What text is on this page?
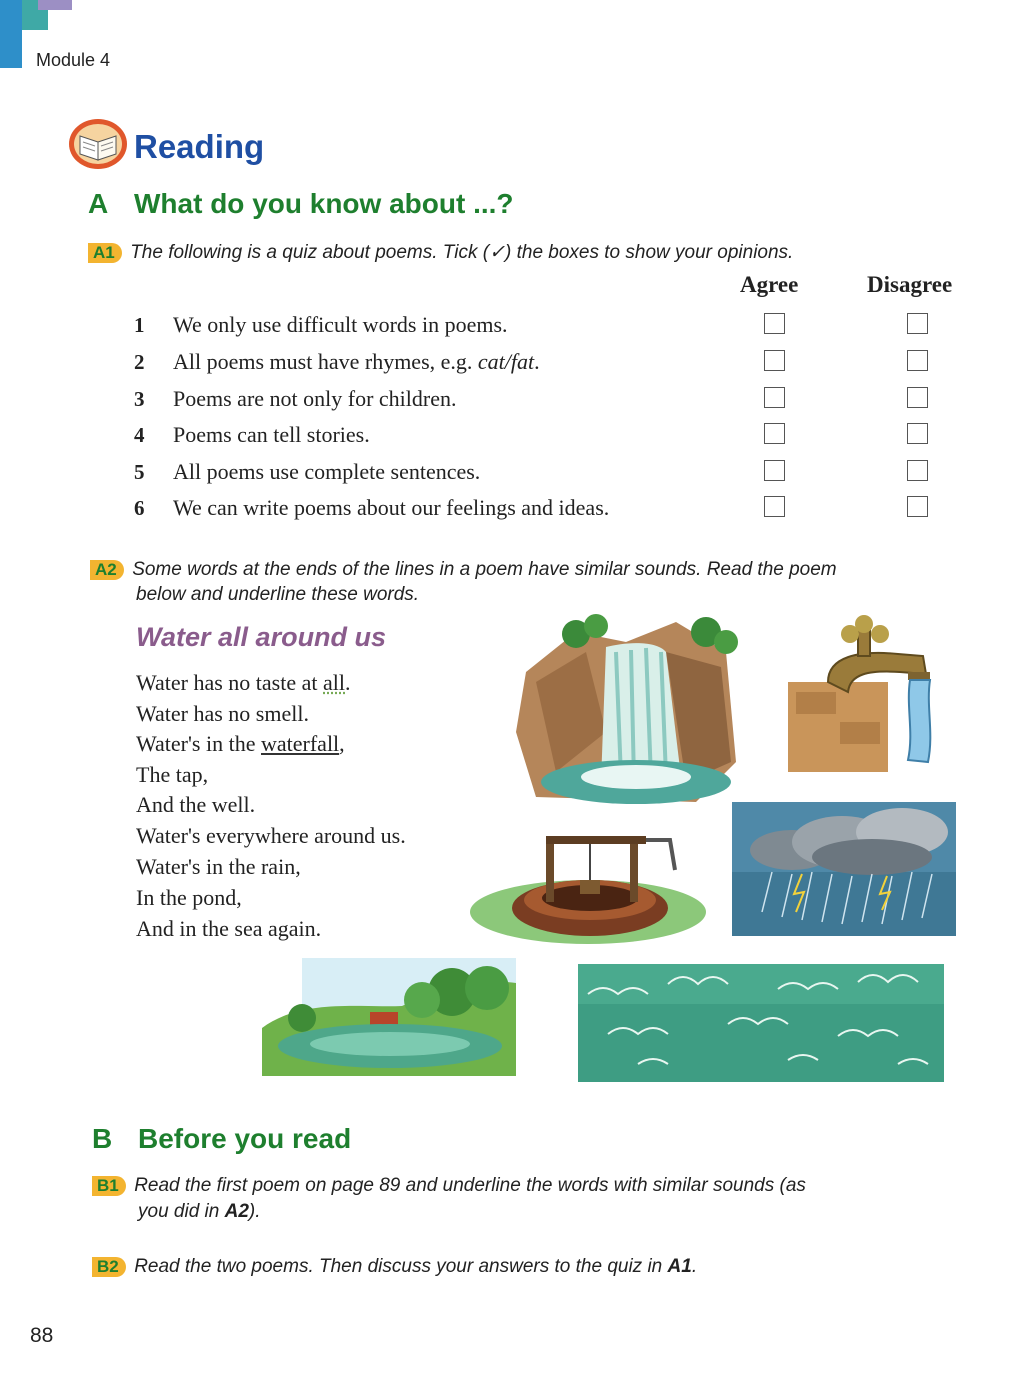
Module 4
Reading
A What do you know about ...?
A1 The following is a quiz about poems. Tick (✓) the boxes to show your opinions.
Agree	Disagree
1 We only use difficult words in poems.
2 All poems must have rhymes, e.g. cat/fat.
3 Poems are not only for children.
4 Poems can tell stories.
5 All poems use complete sentences.
6 We can write poems about our feelings and ideas.
A2 Some words at the ends of the lines in a poem have similar sounds. Read the poem
below and underline these words.
Water all around us
Water has no taste at all.
Water has no smell.
Water's in the waterfall,
The tap,
And the well.
Water's everywhere around us.
Water's in the rain,
In the pond,
And in the sea again.
B Before you read
B1 Read the first poem on page 89 and underline the words with similar sounds (as
you did in A2).
B2 Read the two poems. Then discuss your answers to the quiz in A1.
88
